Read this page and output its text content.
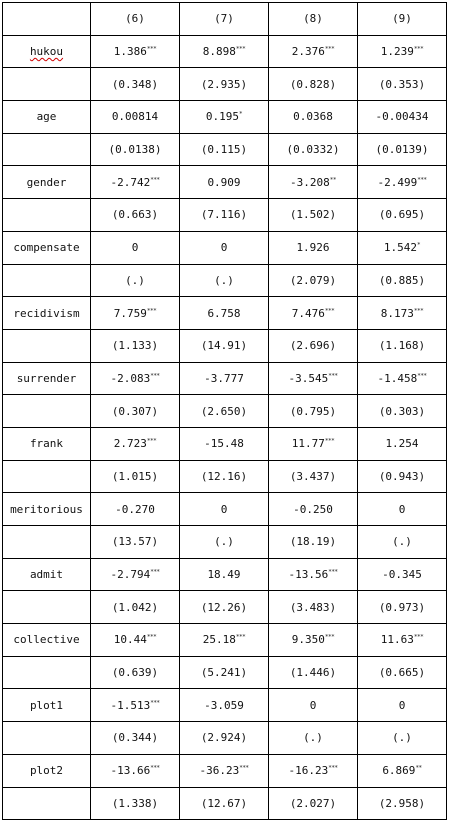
	(6)	(7)	(8)	(9)
hukou	1.386***	8.898***	2.376***	1.239***
	(0.348)	(2.935)	(0.828)	(0.353)
age	0.00814	0.195*	0.0368	-0.00434
	(0.0138)	(0.115)	(0.0332)	(0.0139)
gender	-2.742***	0.909	-3.208**	-2.499***
	(0.663)	(7.116)	(1.502)	(0.695)
compensate	0	0	1.926	1.542*
	(.)	(.)	(2.079)	(0.885)
recidivism	7.759***	6.758	7.476***	8.173***
	(1.133)	(14.91)	(2.696)	(1.168)
surrender	-2.083***	-3.777	-3.545***	-1.458***
	(0.307)	(2.650)	(0.795)	(0.303)
frank	2.723***	-15.48	11.77***	1.254
	(1.015)	(12.16)	(3.437)	(0.943)
meritorious	-0.270	0	-0.250	0
	(13.57)	(.)	(18.19)	(.)
admit	-2.794***	18.49	-13.56***	-0.345
	(1.042)	(12.26)	(3.483)	(0.973)
collective	10.44***	25.18***	9.350***	11.63***
	(0.639)	(5.241)	(1.446)	(0.665)
plot1	-1.513***	-3.059	0	0
	(0.344)	(2.924)	(.)	(.)
plot2	-13.66***	-36.23***	-16.23***	6.869**
	(1.338)	(12.67)	(2.027)	(2.958)
